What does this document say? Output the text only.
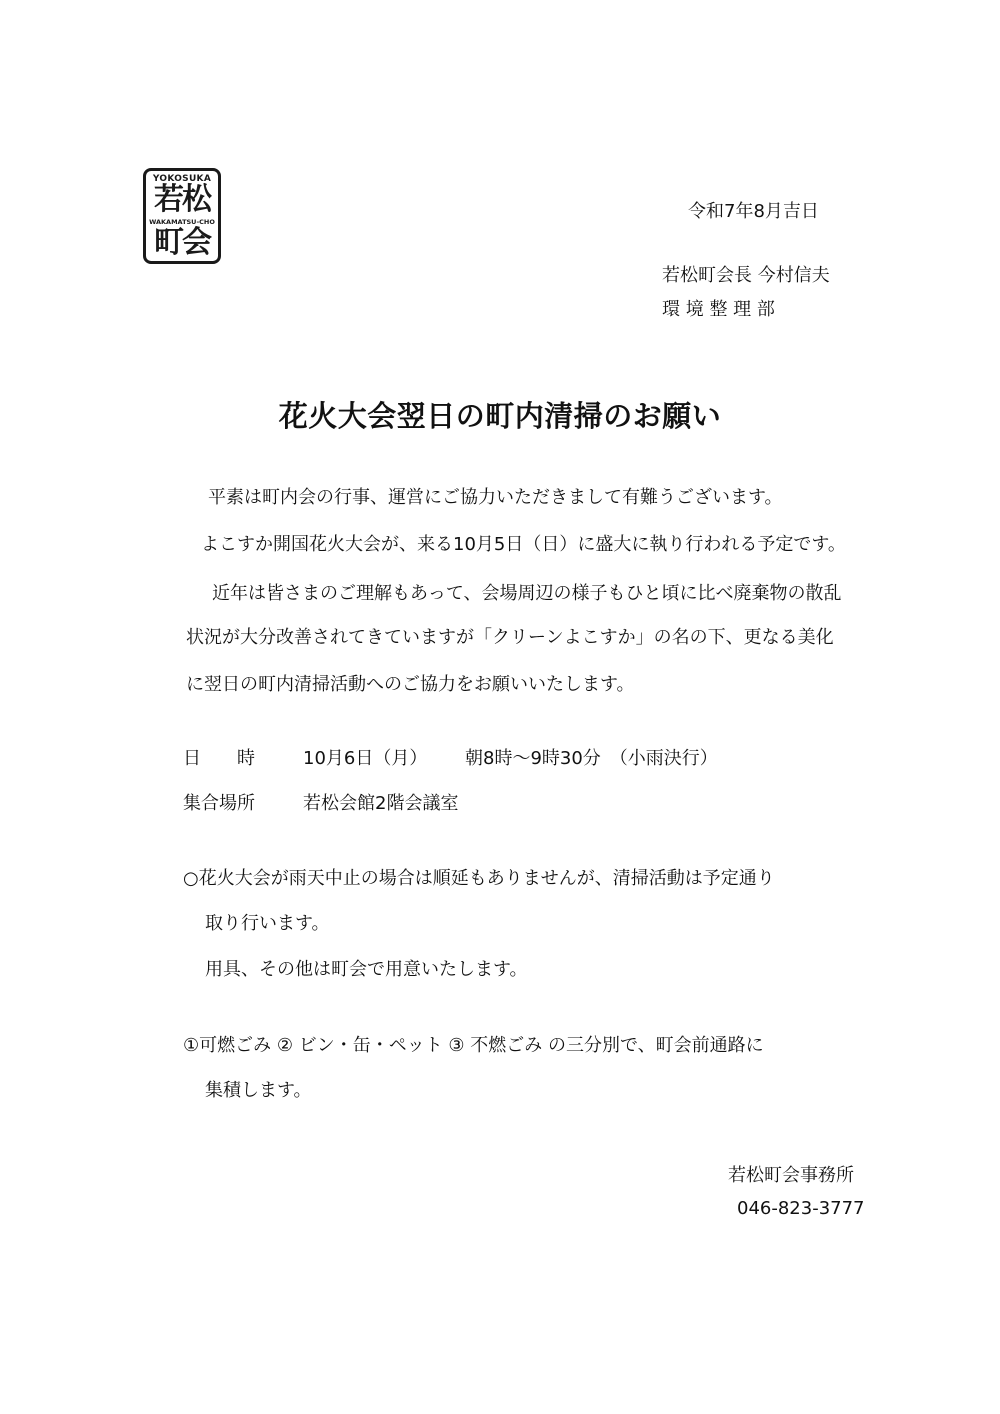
YOKOSUKA
若松
WAKAMATSU-CHO
町会
令和7年8月吉日
若松町会長 今村信夫
環 境 整 理 部
花火大会翌日の町内清掃のお願い
平素は町内会の行事、運営にご協力いただきまして有難うございます。
よこすか開国花火大会が、来る10月5日（日）に盛大に執り行われる予定です。
近年は皆さまのご理解もあって、会場周辺の様子もひと頃に比べ廃棄物の散乱
状況が大分改善されてきていますが「クリーンよこすか」の名の下、更なる美化
に翌日の町内清掃活動へのご協力をお願いいたします。
日　　時	10月6日（月） 朝8時～9時30分　（小雨決行）
集合場所	若松会館2階会議室
○花火大会が雨天中止の場合は順延もありませんが、清掃活動は予定通り
取り行います。
用具、その他は町会で用意いたします。
①可燃ごみ ② ビン・缶・ペット ③ 不燃ごみ の三分別で、町会前通路に
集積します。
若松町会事務所
046-823-3777
